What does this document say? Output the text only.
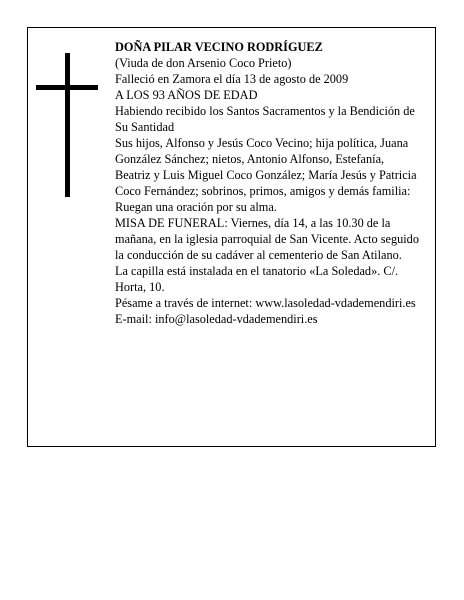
DOÑA PILAR VECINO RODRÍGUEZ

(Viuda de don Arsenio Coco Prieto)

Falleció en Zamora el día 13 de agosto de 2009

A LOS 93 AÑOS DE EDAD

Habiendo recibido los Santos Sacramentos y la Bendición de Su Santidad

Sus hijos, Alfonso y Jesús Coco Vecino; hija política, Juana González Sánchez; nietos, Antonio Alfonso, Estefanía, Beatriz y Luis Miguel Coco González; María Jesús y Patricia Coco Fernández; sobrinos, primos, amigos y demás familia:

Ruegan una oración por su alma.

MISA DE FUNERAL: Viernes, día 14, a las 10.30 de la mañana, en la iglesia parroquial de San Vicente. Acto seguido la conducción de su cadáver al cementerio de San Atilano.

La capilla está instalada en el tanatorio «La Soledad». C/. Horta, 10.

Pésame a través de internet: www.lasoledad-vdademendiri.es

E-mail: info@lasoledad-vdademendiri.es
